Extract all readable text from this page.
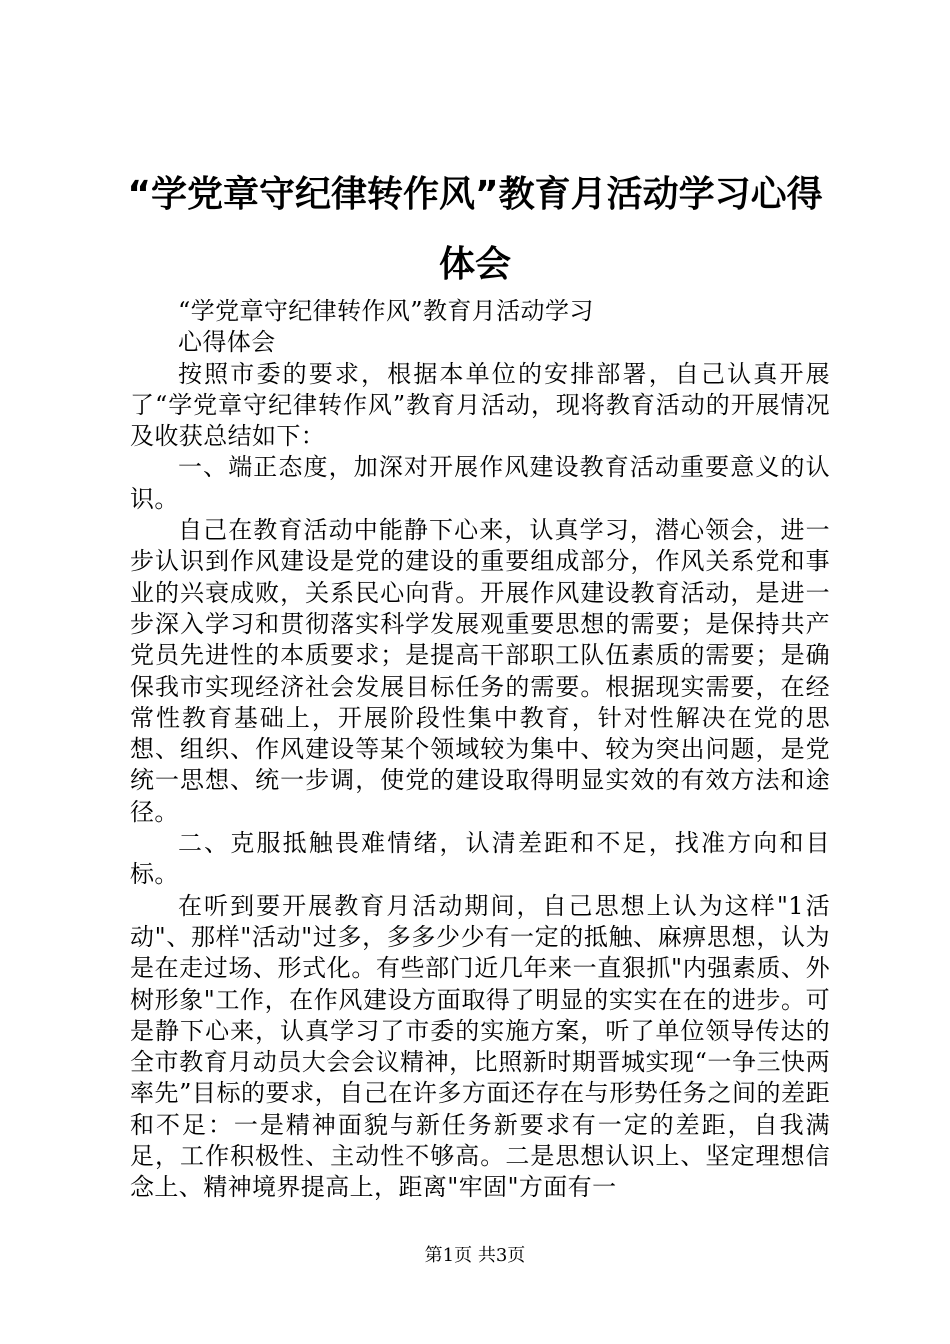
“学党章守纪律转作风”教育月活动学习心得体会

“学党章守纪律转作风”教育月活动学习

心得体会

按照市委的要求，根据本单位的安排部署，自己认真开展了“学党章守纪律转作风”教育月活动，现将教育活动的开展情况及收获总结如下：

一、端正态度，加深对开展作风建设教育活动重要意义的认识。

自己在教育活动中能静下心来，认真学习，潜心领会，进一步认识到作风建设是党的建设的重要组成部分，作风关系党和事业的兴衰成败，关系民心向背。开展作风建设教育活动，是进一步深入学习和贯彻落实科学发展观重要思想的需要；是保持共产党员先进性的本质要求；是提高干部职工队伍素质的需要；是确保我市实现经济社会发展目标任务的需要。根据现实需要，在经常性教育基础上，开展阶段性集中教育，针对性解决在党的思想、组织、作风建设等某个领域较为集中、较为突出问题，是党统一思想、统一步调，使党的建设取得明显实效的有效方法和途径。

二、克服抵触畏难情绪，认清差距和不足，找准方向和目标。

在听到要开展教育月活动期间，自己思想上认为这样"1活动"、那样"活动"过多，多多少少有一定的抵触、麻痹思想，认为是在走过场、形式化。有些部门近几年来一直狠抓"内强素质、外树形象"工作，在作风建设方面取得了明显的实实在在的进步。可是静下心来，认真学习了市委的实施方案，听了单位领导传达的全市教育月动员大会会议精神，比照新时期晋城实现“一争三快两率先”目标的要求，自己在许多方面还存在与形势任务之间的差距和不足：一是精神面貌与新任务新要求有一定的差距，自我满足，工作积极性、主动性不够高。二是思想认识上、坚定理想信念上、精神境界提高上，距离"牢固"方面有一

第1页 共3页
